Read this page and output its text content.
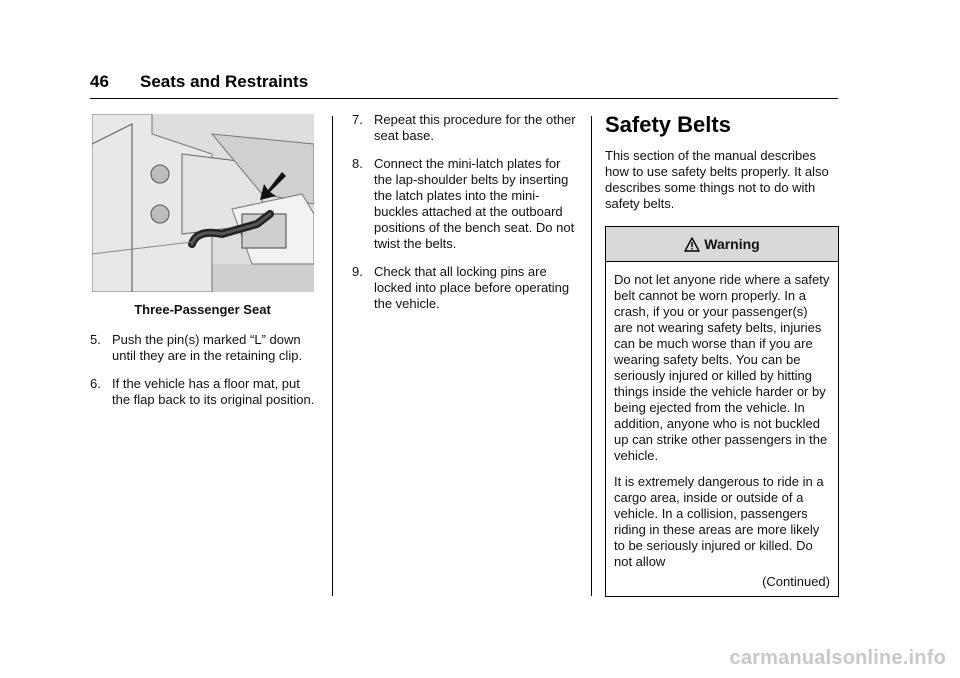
46 Seats and Restraints
Three-Passenger Seat
5. Push the pin(s) marked “L” down until they are in the retaining clip.
6. If the vehicle has a floor mat, put the flap back to its original position.
7. Repeat this procedure for the other seat base.
8. Connect the mini-latch plates for the lap-shoulder belts by inserting the latch plates into the mini-buckles attached at the outboard positions of the bench seat. Do not twist the belts.
9. Check that all locking pins are locked into place before operating the vehicle.
Safety Belts
This section of the manual describes how to use safety belts properly. It also describes some things not to do with safety belts.
Warning

Do not let anyone ride where a safety belt cannot be worn properly. In a crash, if you or your passenger(s) are not wearing safety belts, injuries can be much worse than if you are wearing safety belts. You can be seriously injured or killed by hitting things inside the vehicle harder or by being ejected from the vehicle. In addition, anyone who is not buckled up can strike other passengers in the vehicle.

It is extremely dangerous to ride in a cargo area, inside or outside of a vehicle. In a collision, passengers riding in these areas are more likely to be seriously injured or killed. Do not allow

(Continued)
carmanualsonline.info
